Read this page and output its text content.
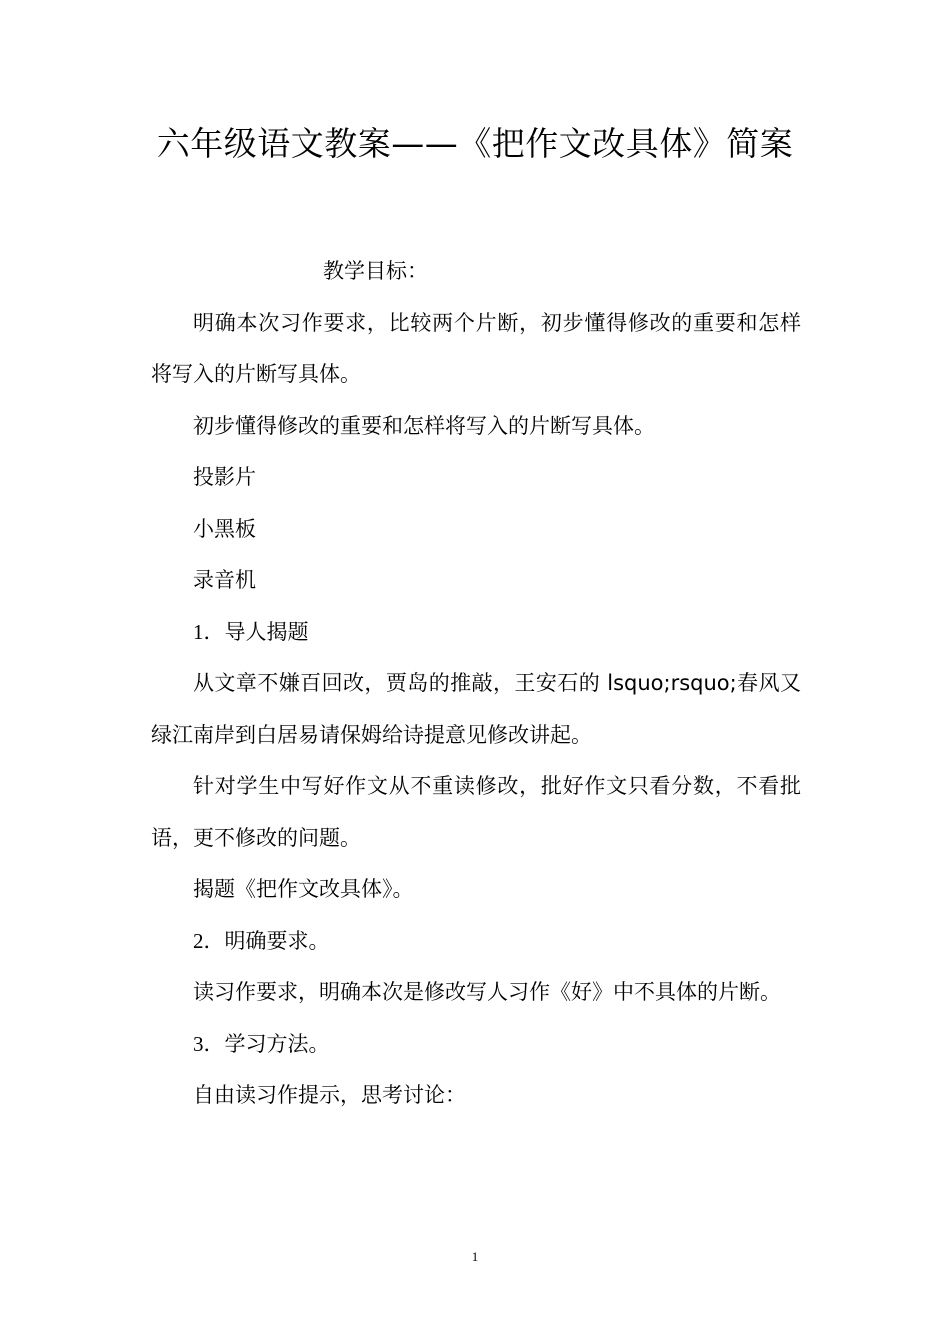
六年级语文教案——《把作文改具体》简案

教学目标：

明确本次习作要求，比较两个片断，初步懂得修改的重要和怎样将写入的片断写具体。

初步懂得修改的重要和怎样将写入的片断写具体。

投影片

小黑板

录音机

1．导人揭题

从文章不嫌百回改，贾岛的推敲，王安石的 lsquo;rsquo;春风又绿江南岸到白居易请保姆给诗提意见修改讲起。

针对学生中写好作文从不重读修改，批好作文只看分数，不看批语，更不修改的问题。

揭题《把作文改具体》。

2．明确要求。

读习作要求，明确本次是修改写人习作《好》中不具体的片断。

3．学习方法。

自由读习作提示，思考讨论：

1
